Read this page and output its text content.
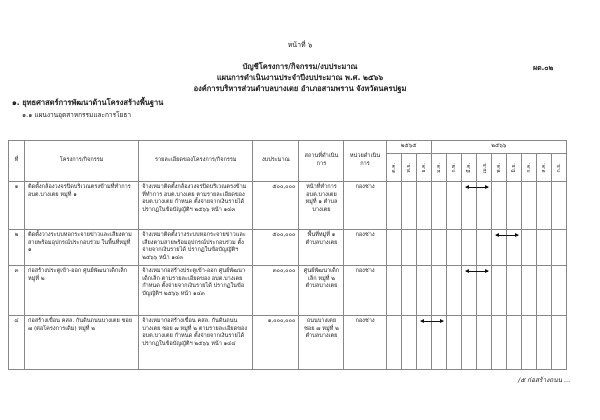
หน้าที่ ๖
บัญชีโครงการ/กิจกรรม/งบประมาณ
แผนการดำเนินงานประจำปีงบประมาณ พ.ศ. ๒๕๖๖
องค์การบริหารส่วนตำบลบางเตย อำเภอสามพราน จังหวัดนครปฐม
ผด.๐๒
๑. ยุทธศาสตร์การพัฒนาด้านโครงสร้างพื้นฐาน
๑.๑ แผนงานอุตสาหกรรมและการโยธา
ที่	โครงการ/กิจกรรม	รายละเอียดของโครงการ/กิจกรรม	งบประมาณ	สถานที่ดำเนินการ	หน่วยดำเนินการ	๒๕๖๕			๒๕๖๖								
						ต.ค.	พ.ย.	ธ.ค.	ม.ค.	ก.พ.	มี.ค.	เม.ย.	พ.ค.	มิ.ย.	ก.ค.	ส.ค.	ก.ย.
๑	ติดตั้งกล้องวงจรปิดบริเวณตรงข้ามที่ทำการ อบต.บางเตย หมู่ที่ ๑	จ้างเหมาติดตั้งกล้องวงจรปิดบริเวณตรงข้ามที่ทำการ อบต.บางเตย ตามรายละเอียดของ อบต.บางเตย กำหนด ตั้งจ่ายจากเงินรายได้ ปรากฏในข้อบัญญัติฯ ๒๕๖๖ หน้า ๑๔๓	๕๐๐,๐๐๐	หน้าที่ทำการ อบต.บางเตย หมู่ที่ ๑ ตำบลบางเตย	กองช่าง						

๒	ติดตั้งวางระบบหอกระจายข่าวและเสียงตามสายพร้อมอุปกรณ์ประกอบร่วม ในพื้นที่หมู่ที่ ๑	จ้างเหมาติดตั้งวางระบบหอกระจายข่าวและเสียงตามสายพร้อมอุปกรณ์ประกอบร่วม ตั้งจ่ายจากเงินรายได้ ปรากฏในข้อบัญญัติฯ ๒๕๖๖ หน้า ๑๔๓	๕๐๐,๐๐๐	พื้นที่หมู่ที่ ๑ ตำบลบางเตย	กองช่าง								

๓	ก่อสร้างประตูเข้า-ออก ศูนย์พัฒนาเด็กเล็ก หมู่ที่ ๒	จ้างเหมาก่อสร้างประตูเข้า-ออก ศูนย์พัฒนาเด็กเล็ก ตามรายละเอียดของ อบต.บางเตย กำหนด ตั้งจ่ายจากเงินรายได้ ปรากฏในข้อบัญญัติฯ ๒๕๖๖ หน้า ๑๔๓	๓๐๐,๐๐๐	ศูนย์พัฒนาเด็กเล็ก หมู่ที่ ๒ ตำบลบางเตย	กองช่าง						

๔	ก่อสร้างเขื่อน คสล. กันดินถนนบางเตย ซอย ๗ (ต่อโครงการเดิม) หมู่ที่ ๒	จ้างเหมาก่อสร้างเขื่อน คสล. กันดินถนนบางเตย ซอย ๗ หมู่ที่ ๒ ตามรายละเอียดของ อบต.บางเตย กำหนด ตั้งจ่ายจากเงินรายได้ ปรากฏในข้อบัญญัติฯ ๒๕๖๖ หน้า ๑๔๔	๑,๐๐๐,๐๐๐	ถนนบางเตย ซอย ๗ หมู่ที่ ๒ ตำบลบางเตย	กองช่าง			

/๕ ก่อสร้างถนน ...
